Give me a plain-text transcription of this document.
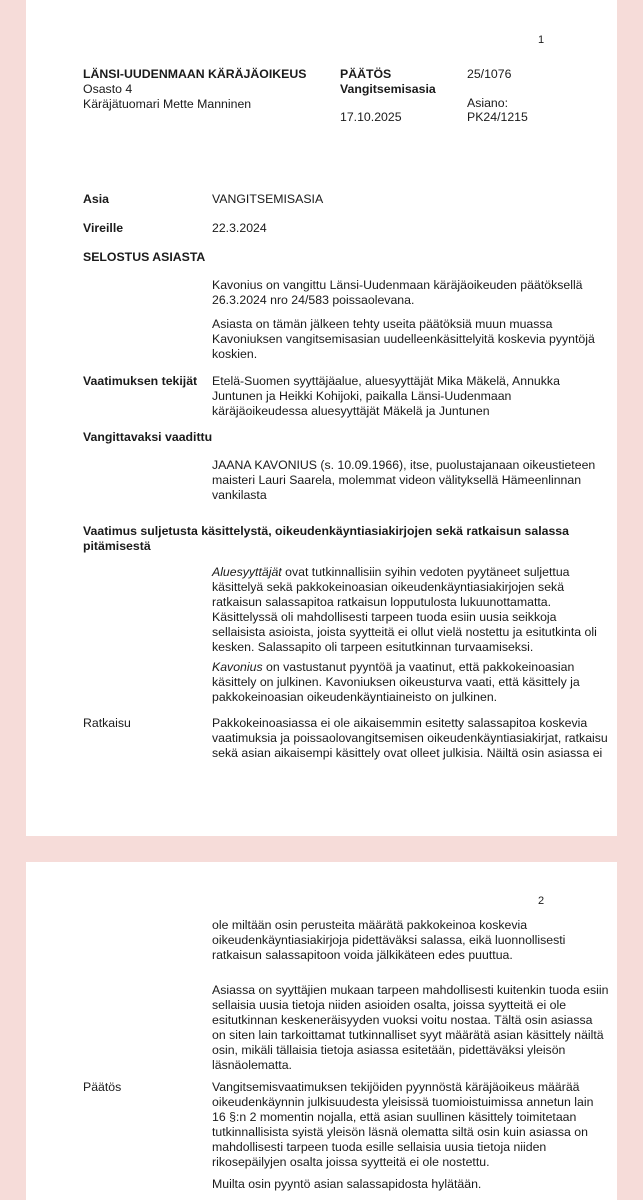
1
LÄNSI-UUDENMAAN KÄRÄJÄOIKEUS
Osasto 4
Käräjätuomari Mette Manninen
PÄÄTÖS
Vangitsemisasia
17.10.2025
25/1076
Asiano:
PK24/1215
Asia	VANGITSEMISASIA
Vireille	22.3.2024
SELOSTUS ASIASTA
Kavonius on vangittu Länsi-Uudenmaan käräjäoikeuden päätöksellä
26.3.2024 nro 24/583 poissaolevana.
Asiasta on tämän jälkeen tehty useita päätöksiä muun muassa
Kavoniuksen vangitsemisasian uudelleenkäsittelyitä koskevia pyyntöjä
koskien.
Vaatimuksen tekijät Etelä-Suomen syyttäjäalue, aluesyyttäjät Mika Mäkelä, Annukka
Juntunen ja Heikki Kohijoki, paikalla Länsi-Uudenmaan
käräjäoikeudessa aluesyyttäjät Mäkelä ja Juntunen
Vangittavaksi vaadittu
JAANA KAVONIUS (s. 10.09.1966), itse, puolustajanaan oikeustieteen
maisteri Lauri Saarela, molemmat videon välityksellä Hämeenlinnan
vankilasta
Vaatimus suljetusta käsittelystä, oikeudenkäyntiasiakirjojen sekä ratkaisun salassa
pitämisestä
Aluesyyttäjät ovat tutkinnallisiin syihin vedoten pyytäneet suljettua
käsittelyä sekä pakkokeinoasian oikeudenkäyntiasiakirjojen sekä
ratkaisun salassapitoa ratkaisun lopputulosta lukuunottamatta.
Käsittelyssä oli mahdollisesti tarpeen tuoda esiin uusia seikkoja
sellaisista asioista, joista syytteitä ei ollut vielä nostettu ja esitutkinta oli
kesken. Salassapito oli tarpeen esitutkinnan turvaamiseksi.
Kavonius on vastustanut pyyntöä ja vaatinut, että pakkokeinoasian
käsittely on julkinen. Kavoniuksen oikeusturva vaati, että käsittely ja
pakkokeinoasian oikeudenkäyntiaineisto on julkinen.
Ratkaisu	Pakkokeinoasiassa ei ole aikaisemmin esitetty salassapitoa koskevia
vaatimuksia ja poissaolovangitsemisen oikeudenkäyntiasiakirjat, ratkaisu
sekä asian aikaisempi käsittely ovat olleet julkisia. Näiltä osin asiassa ei
2
ole miltään osin perusteita määrätä pakkokeinoa koskevia
oikeudenkäyntiasiakirjoja pidettäväksi salassa, eikä luonnollisesti
ratkaisun salassapitoon voida jälkikäteen edes puuttua.
Asiassa on syyttäjien mukaan tarpeen mahdollisesti kuitenkin tuoda esiin
sellaisia uusia tietoja niiden asioiden osalta, joissa syytteitä ei ole
esitutkinnan keskeneräisyyden vuoksi voitu nostaa. Tältä osin asiassa
on siten lain tarkoittamat tutkinnalliset syyt määrätä asian käsittely näiltä
osin, mikäli tällaisia tietoja asiassa esitetään, pidettäväksi yleisön
läsnäolematta.
Päätös	Vangitsemisvaatimuksen tekijöiden pyynnöstä käräjäoikeus määrää
oikeudenkäynnin julkisuudesta yleisissä tuomioistuimissa annetun lain
16 §:n 2 momentin nojalla, että asian suullinen käsittely toimitetaan
tutkinnallisista syistä yleisön läsnä olematta siltä osin kuin asiassa on
mahdollisesti tarpeen tuoda esille sellaisia uusia tietoja niiden
rikosepäilyjen osalta joissa syytteitä ei ole nostettu.
Muilta osin pyyntö asian salassapidosta hylätään.
